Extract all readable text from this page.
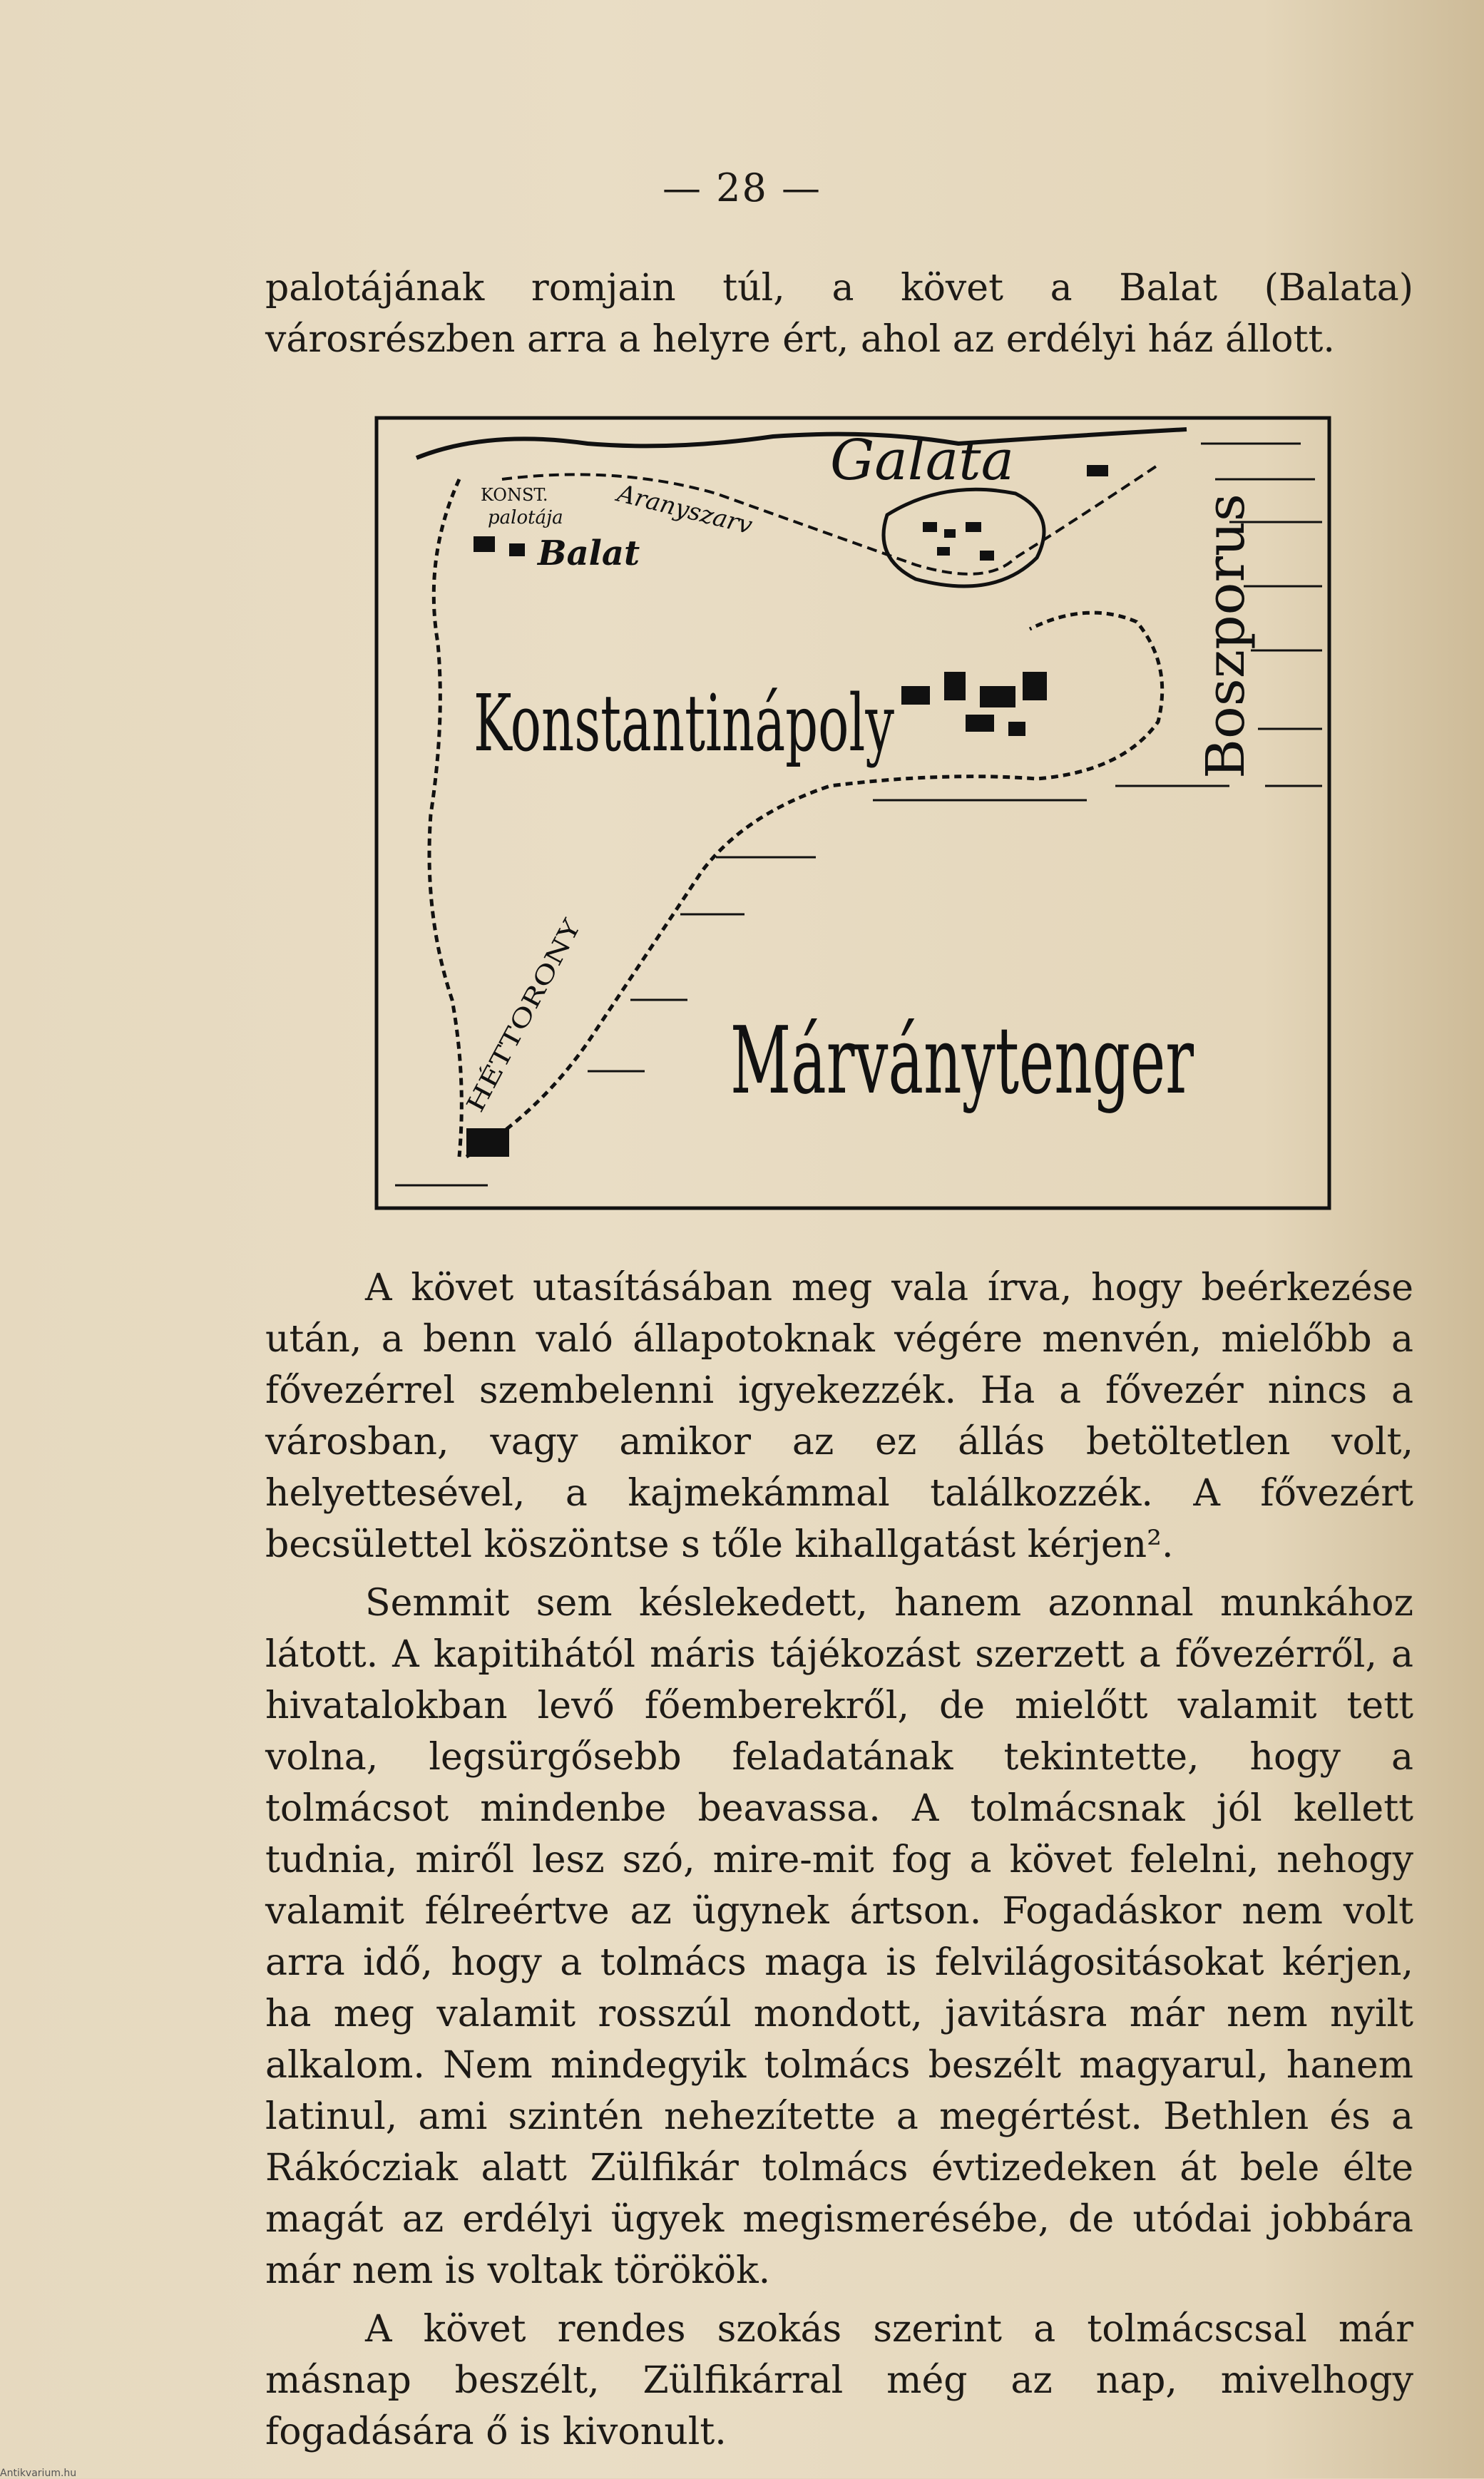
— 28 —

palotájának romjain túl, a követ a Balat (Balata) városrészben arra a helyre ért, ahol az erdélyi ház állott.

Galata
Aranyszarv
KONST.
palotája
Balat
Konstantinápoly	Boszporus
Márványtenger
HÉTTORONY

A követ utasításában meg vala írva, hogy beérkezése után, a benn való állapotoknak végére menvén, mielőbb a fővezérrel szembelenni igyekezzék. Ha a fővezér nincs a városban, vagy amikor az ez állás betöltetlen volt, helyettesével, a kajmekámmal találkozzék. A fővezért becsülettel köszöntse s tőle kihallgatást kérjen².

Semmit sem késlekedett, hanem azonnal munkához látott. A kapitihától máris tájékozást szerzett a fővezérről, a hivatalokban levő főemberekről, de mielőtt valamit tett volna, legsürgősebb feladatának tekintette, hogy a tolmácsot mindenbe beavassa. A tolmácsnak jól kellett tudnia, miről lesz szó, mire-mit fog a követ felelni, nehogy valamit félreértve az ügynek ártson. Fogadáskor nem volt arra idő, hogy a tolmács maga is felvilágositásokat kérjen, ha meg valamit rosszúl mondott, javitásra már nem nyilt alkalom. Nem mindegyik tolmács beszélt magyarul, hanem latinul, ami szintén nehezítette a megértést. Bethlen és a Rákócziak alatt Zülfikár tolmács évtizedeken át bele élte magát az erdélyi ügyek megismerésébe, de utódai jobbára már nem is voltak törökök.

A követ rendes szokás szerint a tolmácscsal már másnap beszélt, Zülfikárral még az nap, mivelhogy fogadására ő is kivonult.

Antikvarium.hu
